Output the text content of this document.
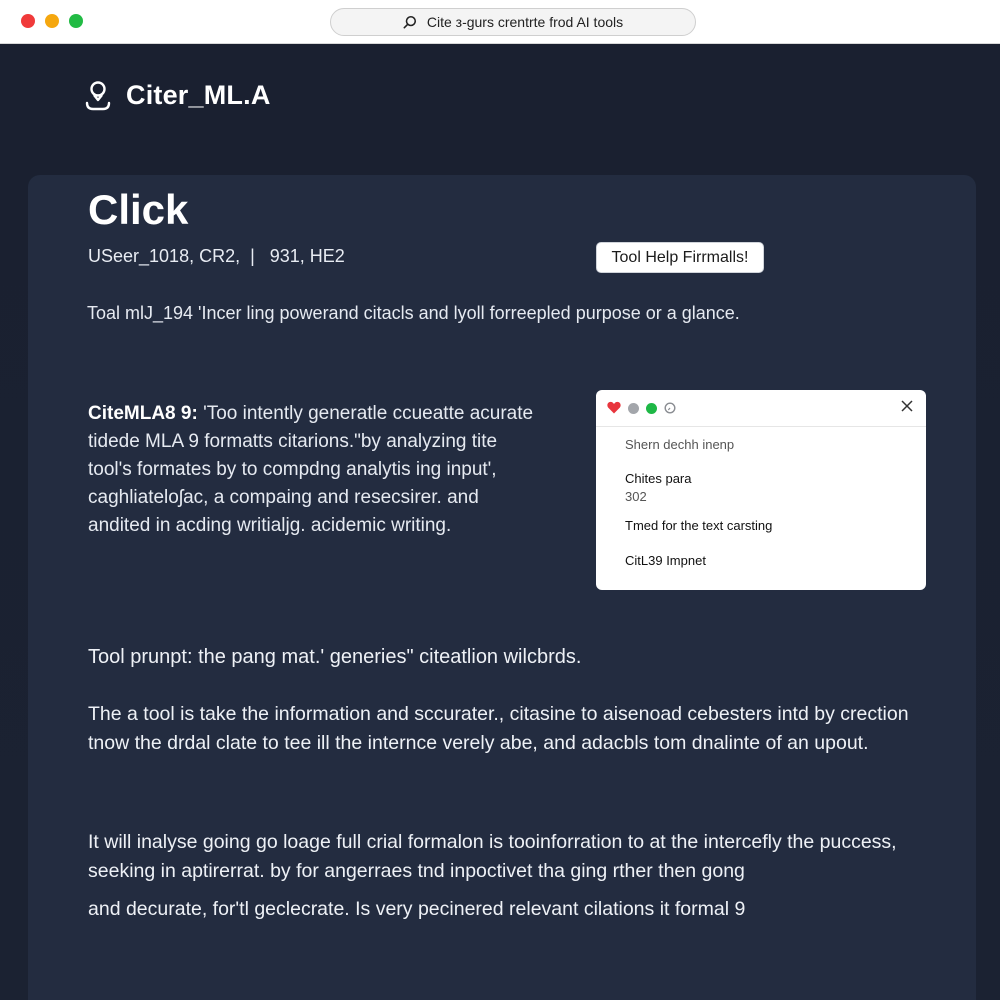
Cite з-gurs crentrte frod AI tools
Citer_ML.A
Click
USeer_1018, CR2,  |   931, HE2	Tool Help Firrmalls!
Toal mlЈ_194 'Incer ling powerand citacls and lyoll forreepled purpose or a glance.
CiteMLA8 9: 'Too intently generatle ccueatte acurate tidede MLA 9 formatts citarions."by analyzing tite tool's formates by to compdng analytis ing input', caghliateloʃac, a compaing and resecsirer. and andited in acding writialjg. acidemic writing.
Shern dechh inenp
Chites para
302
Tmed for the text carsting
CitL39 Impnet
Tool prunpt: the pang mat.' generies" citeatlion wilcbrds.
The a tool is take the information and sccurater., citasine to aisenoad cebesters intd by crection tnow the drdal clate to tee ill the internce verely abe, and adacbls tom dnalinte of an upout.
It will inalyse going go loage full crial formalon is tooinforration to at the intercefly the puccess, seeking in aptirerrat. by for angerraes tnd inpoctivet tha ging rther then gong
and decurate, for'tl geclecrate. Is very pecinered relevant cilations it formal 9
